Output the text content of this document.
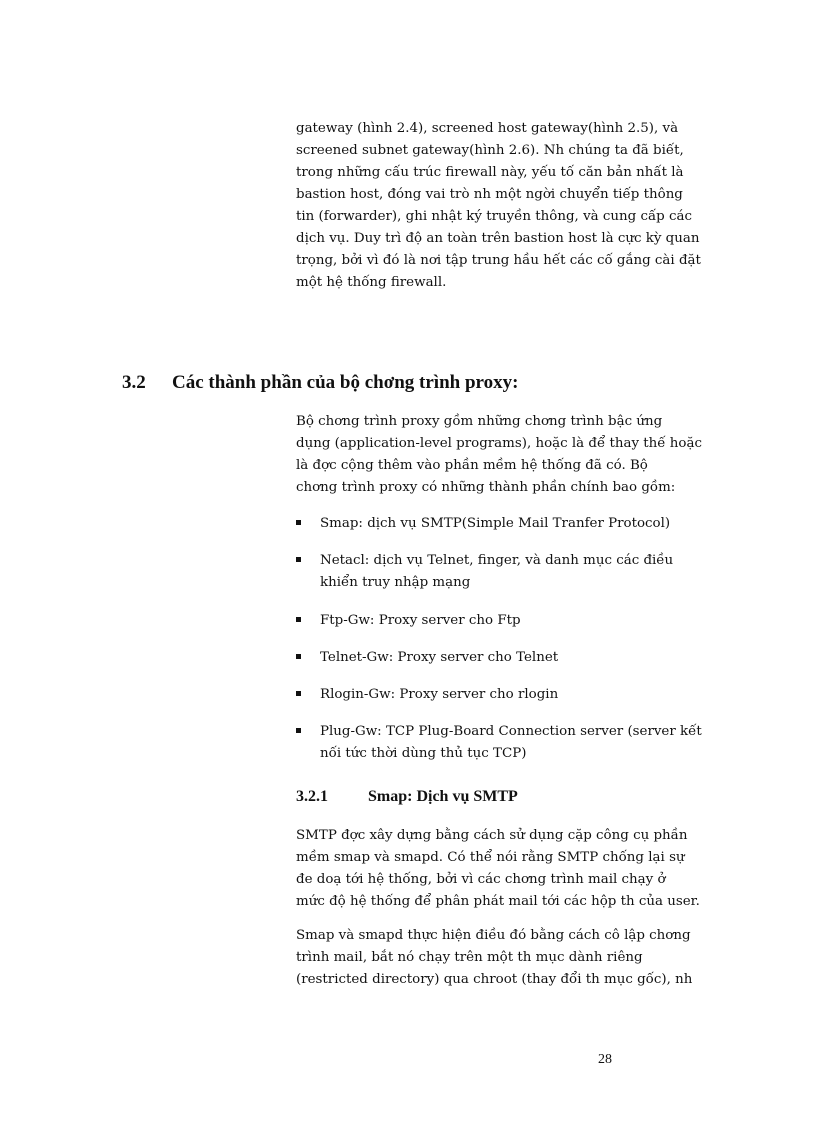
gateway (hình 2.4), screened host gateway(hình 2.5), và
screened subnet gateway(hình 2.6). Nh chúng ta đã biết,
trong những cấu trúc firewall này, yếu tố căn bản nhất là
bastion host, đóng vai trò nh một ngời chuyển tiếp thông
tin (forwarder), ghi nhật ký truyền thông, và cung cấp các
dịch vụ. Duy trì độ an toàn trên bastion host là cực kỳ quan
trọng, bởi vì đó là nơi tập trung hầu hết các cố gắng cài đặt
một hệ thống firewall.
3.2 Các thành phần của bộ chơng trình proxy:
Bộ chơng trình proxy gồm những chơng trình bậc ứng
dụng (application-level programs), hoặc là để thay thế hoặc
là đợc cộng thêm vào phần mềm hệ thống đã có. Bộ
chơng trình proxy có những thành phần chính bao gồm:
Smap: dịch vụ SMTP(Simple Mail Tranfer Protocol)
Netacl: dịch vụ Telnet, finger, và danh mục các điều
khiển truy nhập mạng
Ftp-Gw: Proxy server cho Ftp
Telnet-Gw: Proxy server cho Telnet
Rlogin-Gw: Proxy server cho rlogin
Plug-Gw: TCP Plug-Board Connection server (server kết
nối tức thời dùng thủ tục TCP)
3.2.1	Smap: Dịch vụ SMTP
SMTP đợc xây dựng bằng cách sử dụng cặp công cụ phần
mềm smap và smapd. Có thể nói rằng SMTP chống lại sự
đe doạ tới hệ thống, bởi vì các chơng trình mail chạy ở
mức độ hệ thống để phân phát mail tới các hộp th của user.
Smap và smapd thực hiện điều đó bằng cách cô lập chơng
trình mail, bắt nó chạy trên một th mục dành riêng
(restricted directory) qua chroot (thay đổi th mục gốc), nh
28
